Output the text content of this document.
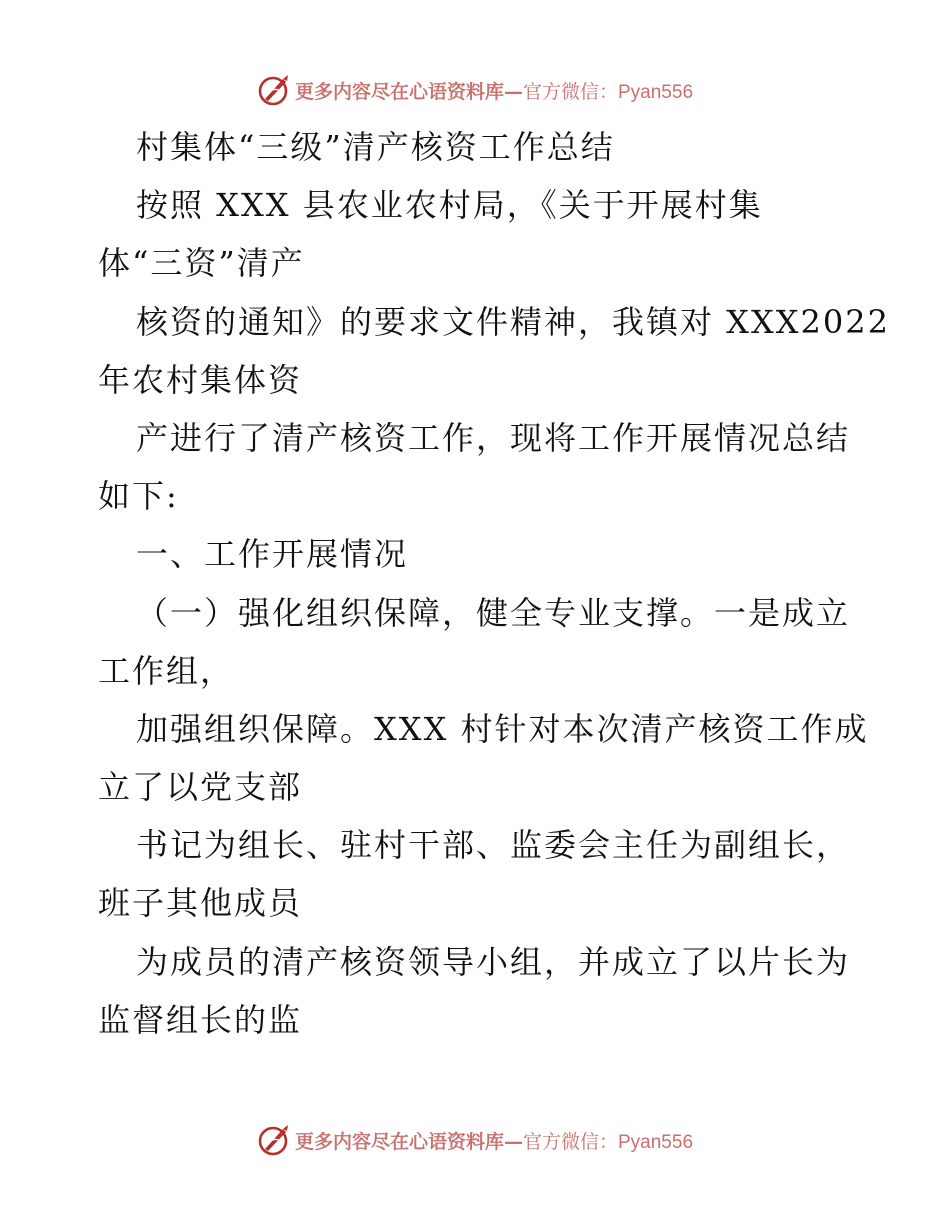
更多内容尽在心语资料库—官方微信：Pyan556
村集体“三级”清产核资工作总结
按照 XXX 县农业农村局，《关于开展村集
体“三资”清产
核资的通知》的要求文件精神，我镇对 XXX2022
年农村集体资
产进行了清产核资工作，现将工作开展情况总结
如下:
一、工作开展情况
（一）强化组织保障，健全专业支撑。一是成立
工作组，
加强组织保障。XXX 村针对本次清产核资工作成
立了以党支部
书记为组长、驻村干部、监委会主任为副组长，
班子其他成员
为成员的清产核资领导小组，并成立了以片长为
监督组长的监
更多内容尽在心语资料库—官方微信：Pyan556
